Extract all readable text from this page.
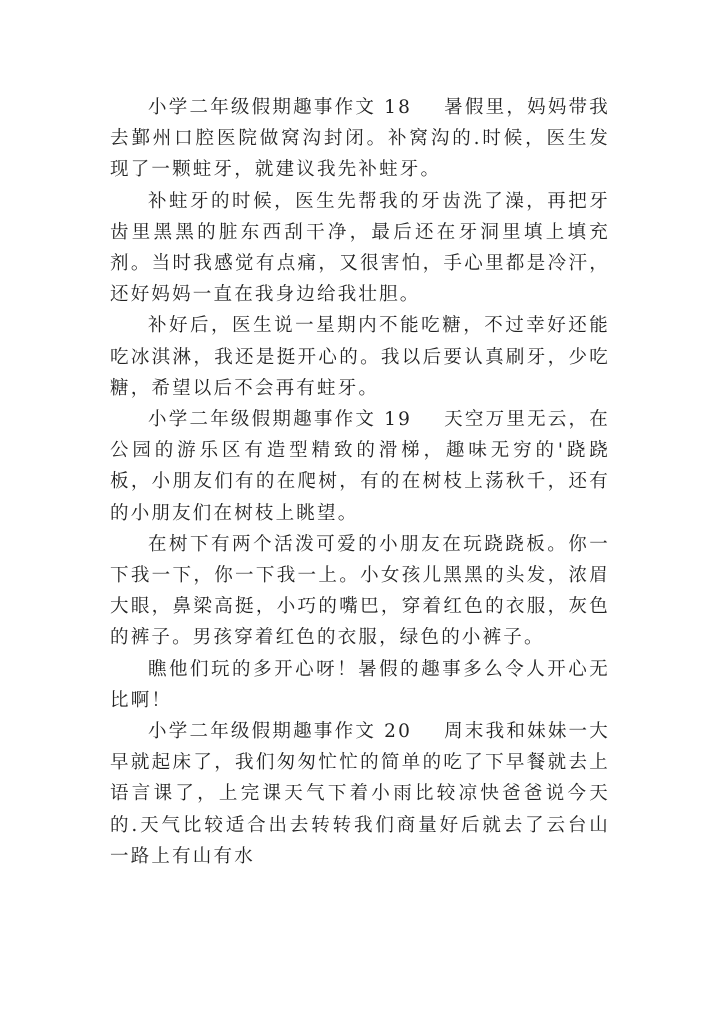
小学二年级假期趣事作文 18 暑假里，妈妈带我去鄞州口腔医院做窝沟封闭。补窝沟的.时候，医生发现了一颗蛀牙，就建议我先补蛀牙。

补蛀牙的时候，医生先帮我的牙齿洗了澡，再把牙齿里黑黑的脏东西刮干净，最后还在牙洞里填上填充剂。当时我感觉有点痛，又很害怕，手心里都是冷汗，还好妈妈一直在我身边给我壮胆。

补好后，医生说一星期内不能吃糖，不过幸好还能吃冰淇淋，我还是挺开心的。我以后要认真刷牙，少吃糖，希望以后不会再有蛀牙。

小学二年级假期趣事作文 19 天空万里无云，在公园的游乐区有造型精致的滑梯，趣味无穷的'跷跷板，小朋友们有的在爬树，有的在树枝上荡秋千，还有的小朋友们在树枝上眺望。

在树下有两个活泼可爱的小朋友在玩跷跷板。你一下我一下，你一下我一上。小女孩儿黑黑的头发，浓眉大眼，鼻梁高挺，小巧的嘴巴，穿着红色的衣服，灰色的裤子。男孩穿着红色的衣服，绿色的小裤子。

瞧他们玩的多开心呀！暑假的趣事多么令人开心无比啊！

小学二年级假期趣事作文 20 周末我和妹妹一大早就起床了，我们匆匆忙忙的简单的吃了下早餐就去上语言课了，上完课天气下着小雨比较凉快爸爸说今天的.天气比较适合出去转转我们商量好后就去了云台山一路上有山有水
